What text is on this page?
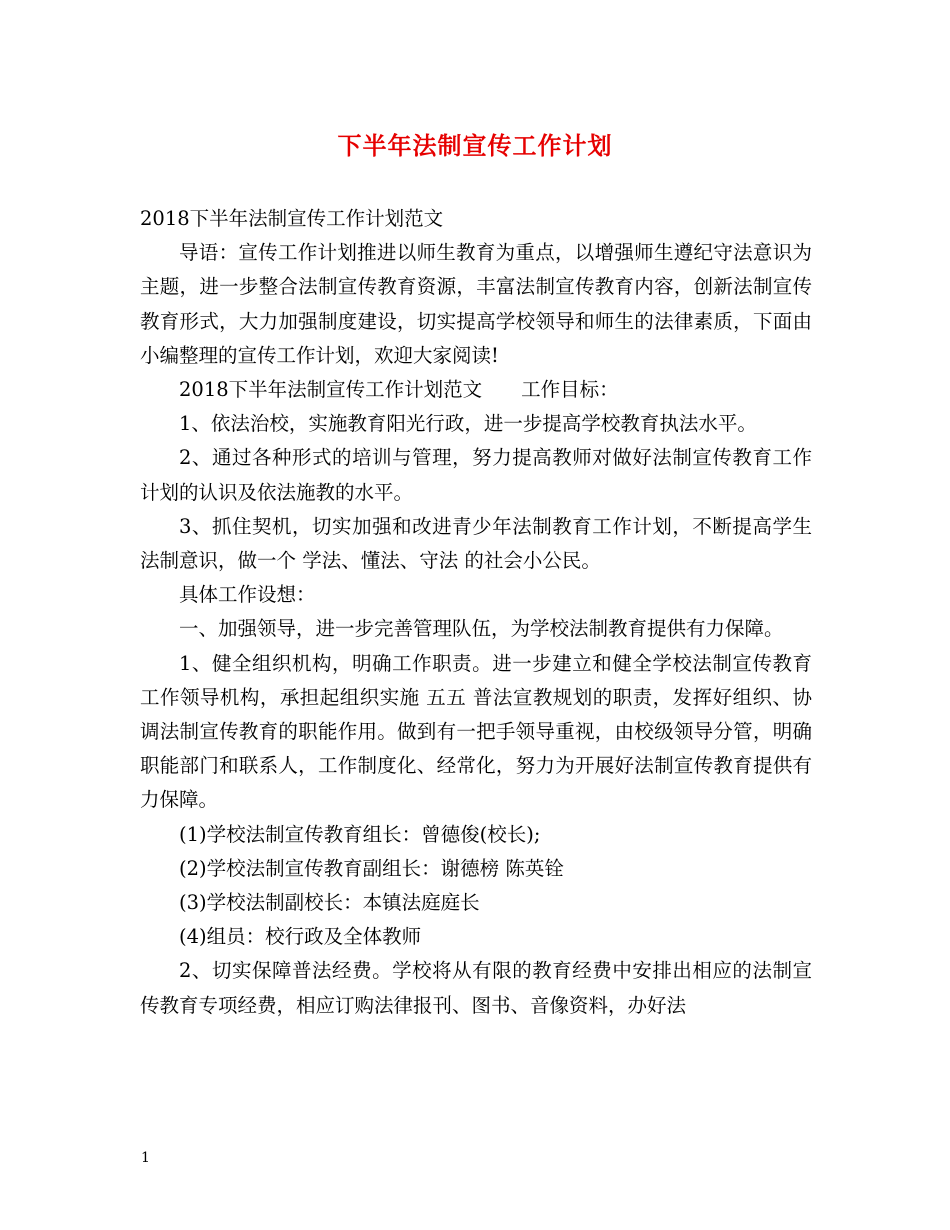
下半年法制宣传工作计划

2018下半年法制宣传工作计划范文

导语：宣传工作计划推进以师生教育为重点，以增强师生遵纪守法意识为主题，进一步整合法制宣传教育资源，丰富法制宣传教育内容，创新法制宣传教育形式，大力加强制度建设，切实提高学校领导和师生的法律素质，下面由小编整理的宣传工作计划，欢迎大家阅读!

2018下半年法制宣传工作计划范文　　工作目标：

1、依法治校，实施教育阳光行政，进一步提高学校教育执法水平。

2、通过各种形式的培训与管理，努力提高教师对做好法制宣传教育工作计划的认识及依法施教的水平。

3、抓住契机，切实加强和改进青少年法制教育工作计划，不断提高学生法制意识，做一个 学法、懂法、守法 的社会小公民。

具体工作设想：

一、加强领导，进一步完善管理队伍，为学校法制教育提供有力保障。

1、健全组织机构，明确工作职责。进一步建立和健全学校法制宣传教育工作领导机构，承担起组织实施 五五 普法宣教规划的职责，发挥好组织、协调法制宣传教育的职能作用。做到有一把手领导重视，由校级领导分管，明确职能部门和联系人，工作制度化、经常化，努力为开展好法制宣传教育提供有力保障。

(1)学校法制宣传教育组长：曾德俊(校长);

(2)学校法制宣传教育副组长：谢德榜 陈英铨

(3)学校法制副校长：本镇法庭庭长

(4)组员：校行政及全体教师

2、切实保障普法经费。学校将从有限的教育经费中安排出相应的法制宣传教育专项经费，相应订购法律报刊、图书、音像资料，办好法

1
